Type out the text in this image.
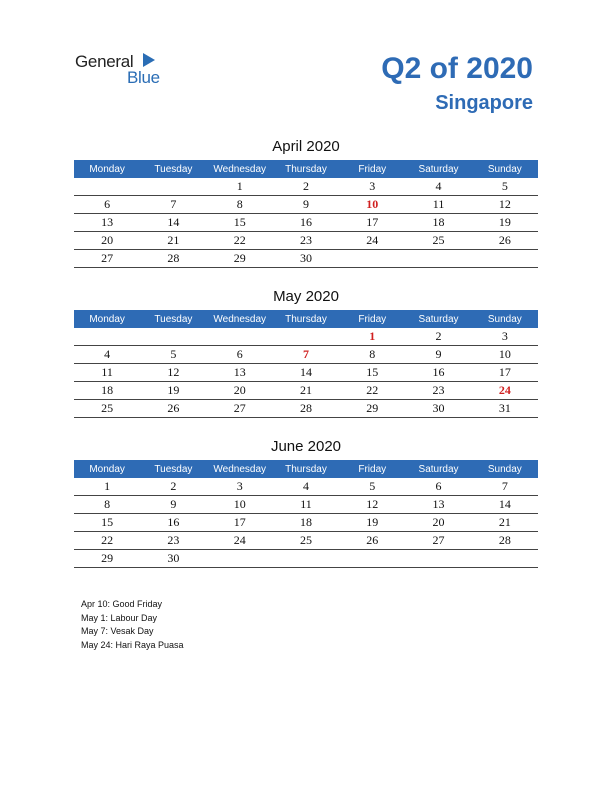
General
Blue	Q2 of 2020
Singapore
April 2020
Monday	Tuesday	Wednesday	Thursday	Friday	Saturday	Sunday
		1	2	3	4	5
6	7	8	9	10	11	12
13	14	15	16	17	18	19
20	21	22	23	24	25	26
27	28	29	30			
May 2020
Monday	Tuesday	Wednesday	Thursday	Friday	Saturday	Sunday
				1	2	3
4	5	6	7	8	9	10
11	12	13	14	15	16	17
18	19	20	21	22	23	24
25	26	27	28	29	30	31
June 2020
Monday	Tuesday	Wednesday	Thursday	Friday	Saturday	Sunday
1	2	3	4	5	6	7
8	9	10	11	12	13	14
15	16	17	18	19	20	21
22	23	24	25	26	27	28
29	30					
Apr 10: Good Friday
May 1: Labour Day
May 7: Vesak Day
May 24: Hari Raya Puasa
